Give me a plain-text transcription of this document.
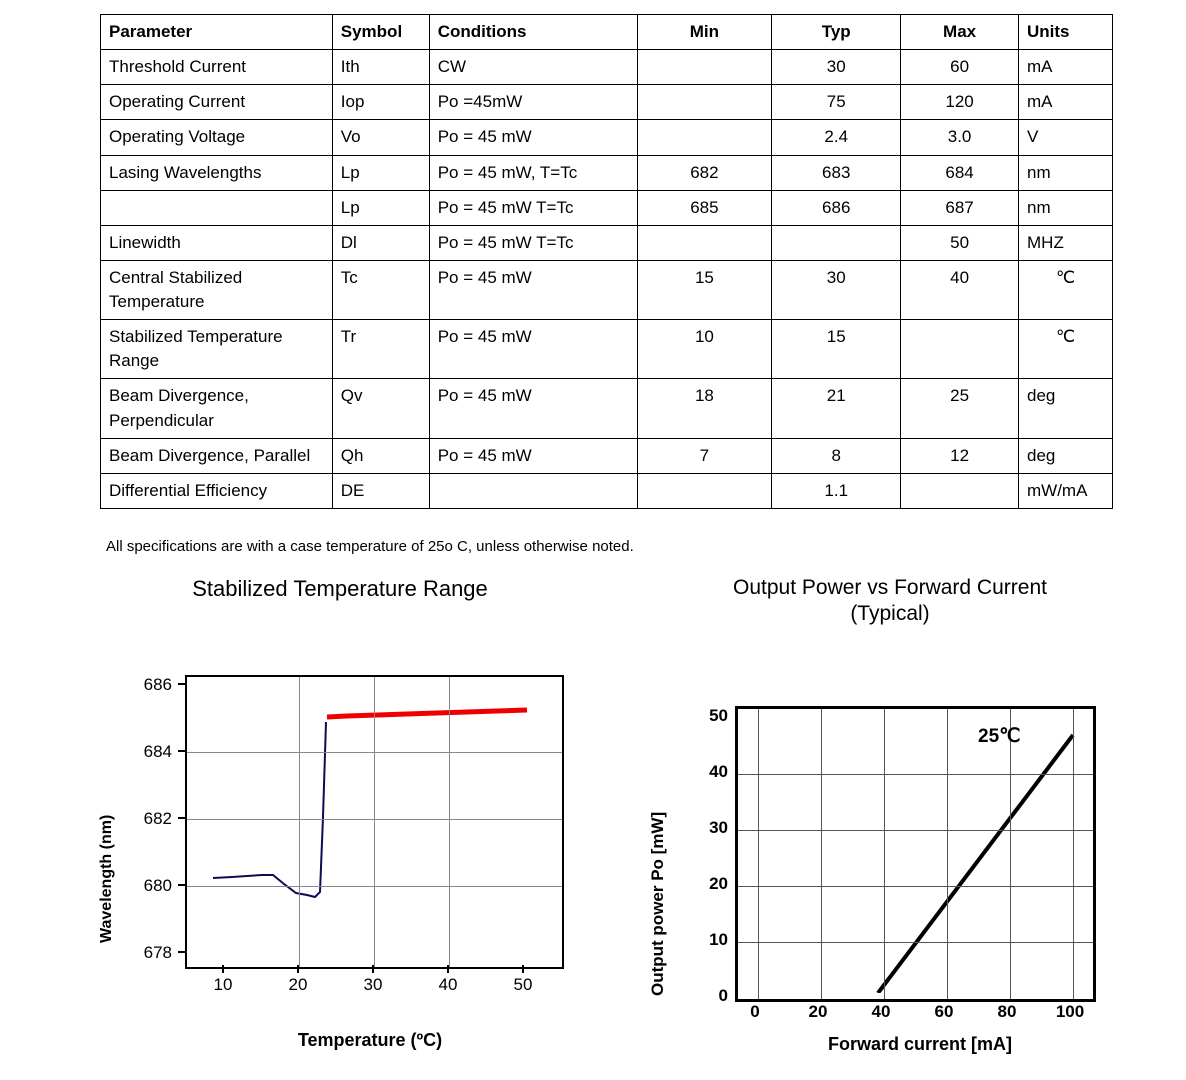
Parameter	Symbol	Conditions	Min	Typ	Max	Units
Threshold Current	Ith	CW		30	60	mA
Operating Current	Iop	Po =45mW		75	120	mA
Operating Voltage	Vo	Po = 45 mW		2.4	3.0	V
Lasing Wavelengths	Lp	Po = 45 mW, T=Tc	682	683	684	nm
	Lp	Po = 45 mW T=Tc	685	686	687	nm
Linewidth	Dl	Po = 45 mW T=Tc			50	MHZ
Central Stabilized Temperature	Tc	Po = 45 mW	15	30	40	℃
Stabilized Temperature Range	Tr	Po = 45 mW	10	15		℃
Beam Divergence, Perpendicular	Qv	Po = 45 mW	18	21	25	deg
Beam Divergence, Parallel	Qh	Po = 45 mW	7	8	12	deg
Differential Efficiency	DE			1.1		mW/mA
All specifications are with a case temperature of 25o C, unless otherwise noted.
Stabilized Temperature Range
Wavelength (nm)
678
680
682
684
686
10	20	30	40	50
Temperature (ºC)
Output Power vs Forward Current
(Typical)
Output power Po [mW]	0
10
20
30
40
50
25℃
0	20	40	60	80	100
Forward current [mA]
